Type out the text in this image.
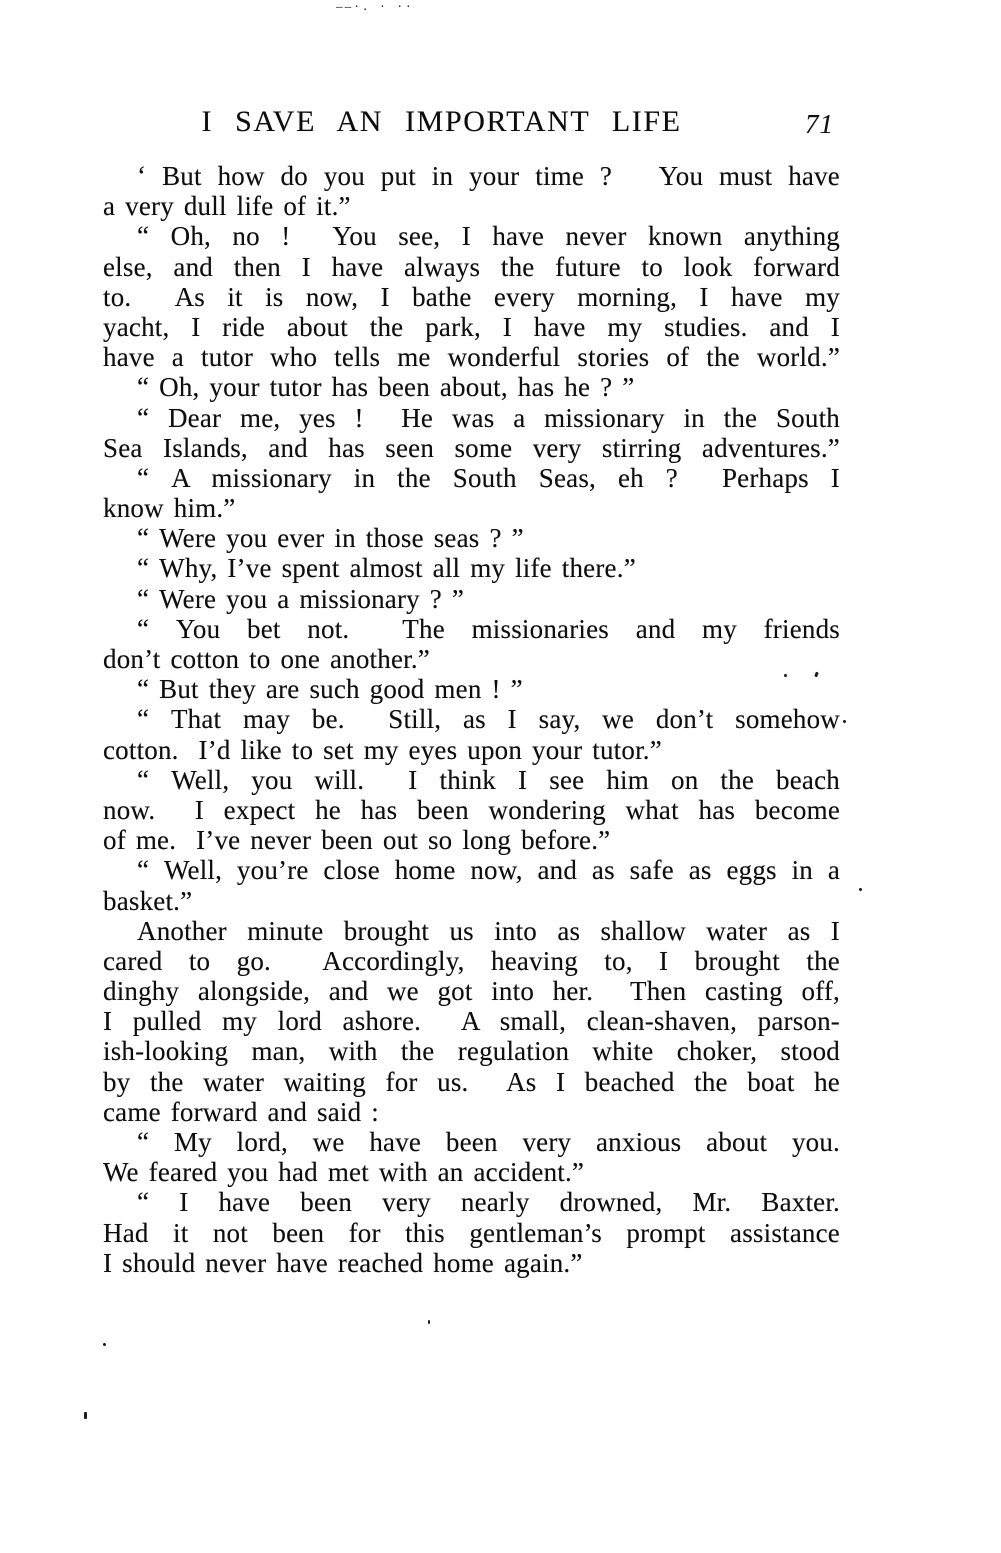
——·. · ··
I SAVE AN IMPORTANT LIFE	71

‘ But how do you put in your time ?   You must have
a very dull life of it.”

“ Oh, no !  You see, I have never known anything
else, and then I have always the future to look forward
to.  As it is now, I bathe every morning, I have my
yacht, I ride about the park, I have my studies. and I
have a tutor who tells me wonderful stories of the world.”

“ Oh, your tutor has been about, has he ? ”

“ Dear me, yes !  He was a missionary in the South
Sea Islands, and has seen some very stirring adventures.”

“ A missionary in the South Seas, eh ?  Perhaps I
know him.”

“ Were you ever in those seas ? ”

“ Why, I’ve spent almost all my life there.”

“ Were you a missionary ? ”

“ You bet not.  The missionaries and my friends
don’t cotton to one another.”

“ But they are such good men ! ”

“ That may be.  Still, as I say, we don’t somehow
cotton.  I’d like to set my eyes upon your tutor.”

“ Well, you will.  I think I see him on the beach
now.  I expect he has been wondering what has become
of me.  I’ve never been out so long before.”

“ Well, you’re close home now, and as safe as eggs in a
basket.”

Another minute brought us into as shallow water as I
cared to go.  Accordingly, heaving to, I brought the
dinghy alongside, and we got into her.  Then casting off,
I pulled my lord ashore.  A small, clean-shaven, parson-
ish-looking man, with the regulation white choker, stood
by the water waiting for us.  As I beached the boat he
came forward and said :

“ My lord, we have been very anxious about you.
We feared you had met with an accident.”

“ I have been very nearly drowned, Mr. Baxter.
Had it not been for this gentleman’s prompt assistance
I should never have reached home again.”
